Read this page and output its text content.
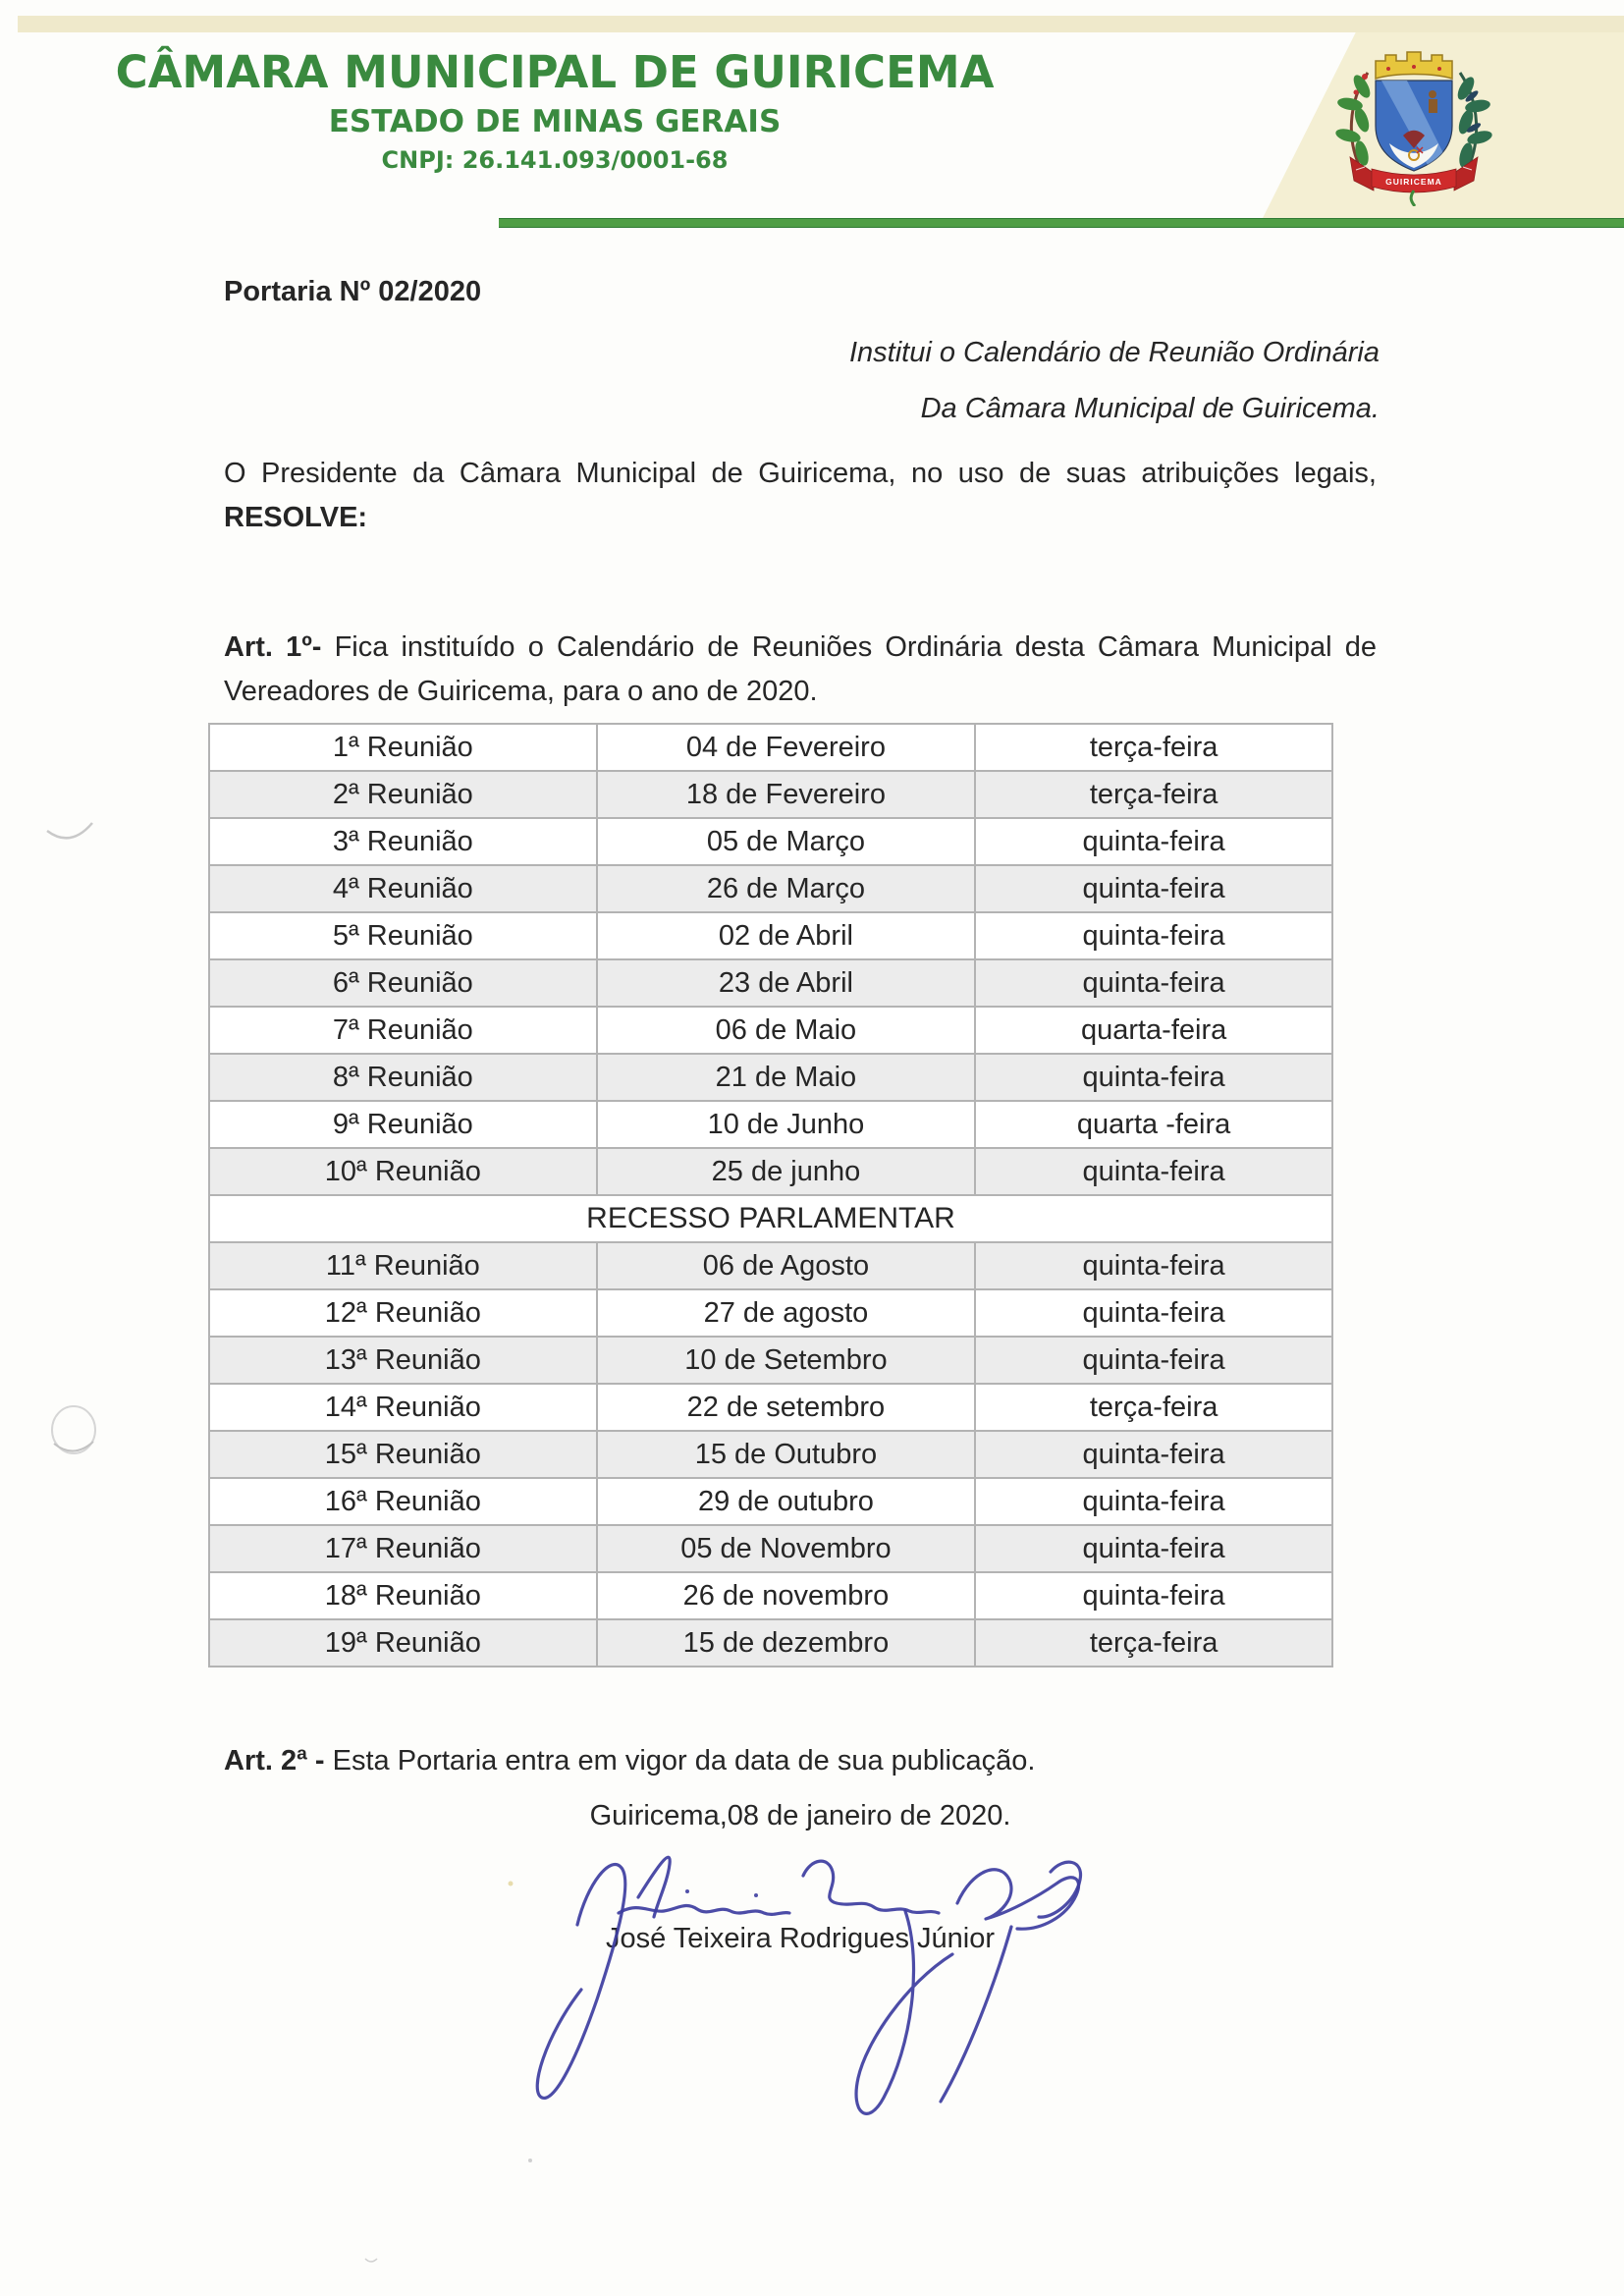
CÂMARA MUNICIPAL DE GUIRICEMA
ESTADO DE MINAS GERAIS
CNPJ: 26.141.093/0001-68
GUIRICEMA

Portaria Nº 02/2020

Institui o Calendário de Reunião Ordinária

Da Câmara Municipal de Guiricema.

O Presidente da Câmara Municipal de Guiricema, no uso de suas atribuições legais, RESOLVE:

Art. 1º- Fica instituído o Calendário de Reuniões Ordinária desta Câmara Municipal de Vereadores de Guiricema, para o ano de 2020.

1ª Reunião	04 de Fevereiro	terça-feira
2ª Reunião	18 de Fevereiro	terça-feira
3ª Reunião	05 de Março	quinta-feira
4ª Reunião	26 de Março	quinta-feira
5ª Reunião	02 de Abril	quinta-feira
6ª Reunião	23 de Abril	quinta-feira
7ª Reunião	06 de Maio	quarta-feira
8ª Reunião	21 de Maio	quinta-feira
9ª Reunião	10 de Junho	quarta -feira
10ª Reunião	25 de junho	quinta-feira
RECESSO PARLAMENTAR		
11ª Reunião	06 de Agosto	quinta-feira
12ª Reunião	27 de agosto	quinta-feira
13ª Reunião	10 de Setembro	quinta-feira
14ª Reunião	22 de setembro	terça-feira
15ª Reunião	15 de Outubro	quinta-feira
16ª Reunião	29 de outubro	quinta-feira
17ª Reunião	05 de Novembro	quinta-feira
18ª Reunião	26 de novembro	quinta-feira
19ª Reunião	15 de dezembro	terça-feira

Art. 2ª - Esta Portaria entra em vigor da data de sua publicação.

Guiricema,08 de janeiro de 2020.

José Teixeira Rodrigues Júnior
